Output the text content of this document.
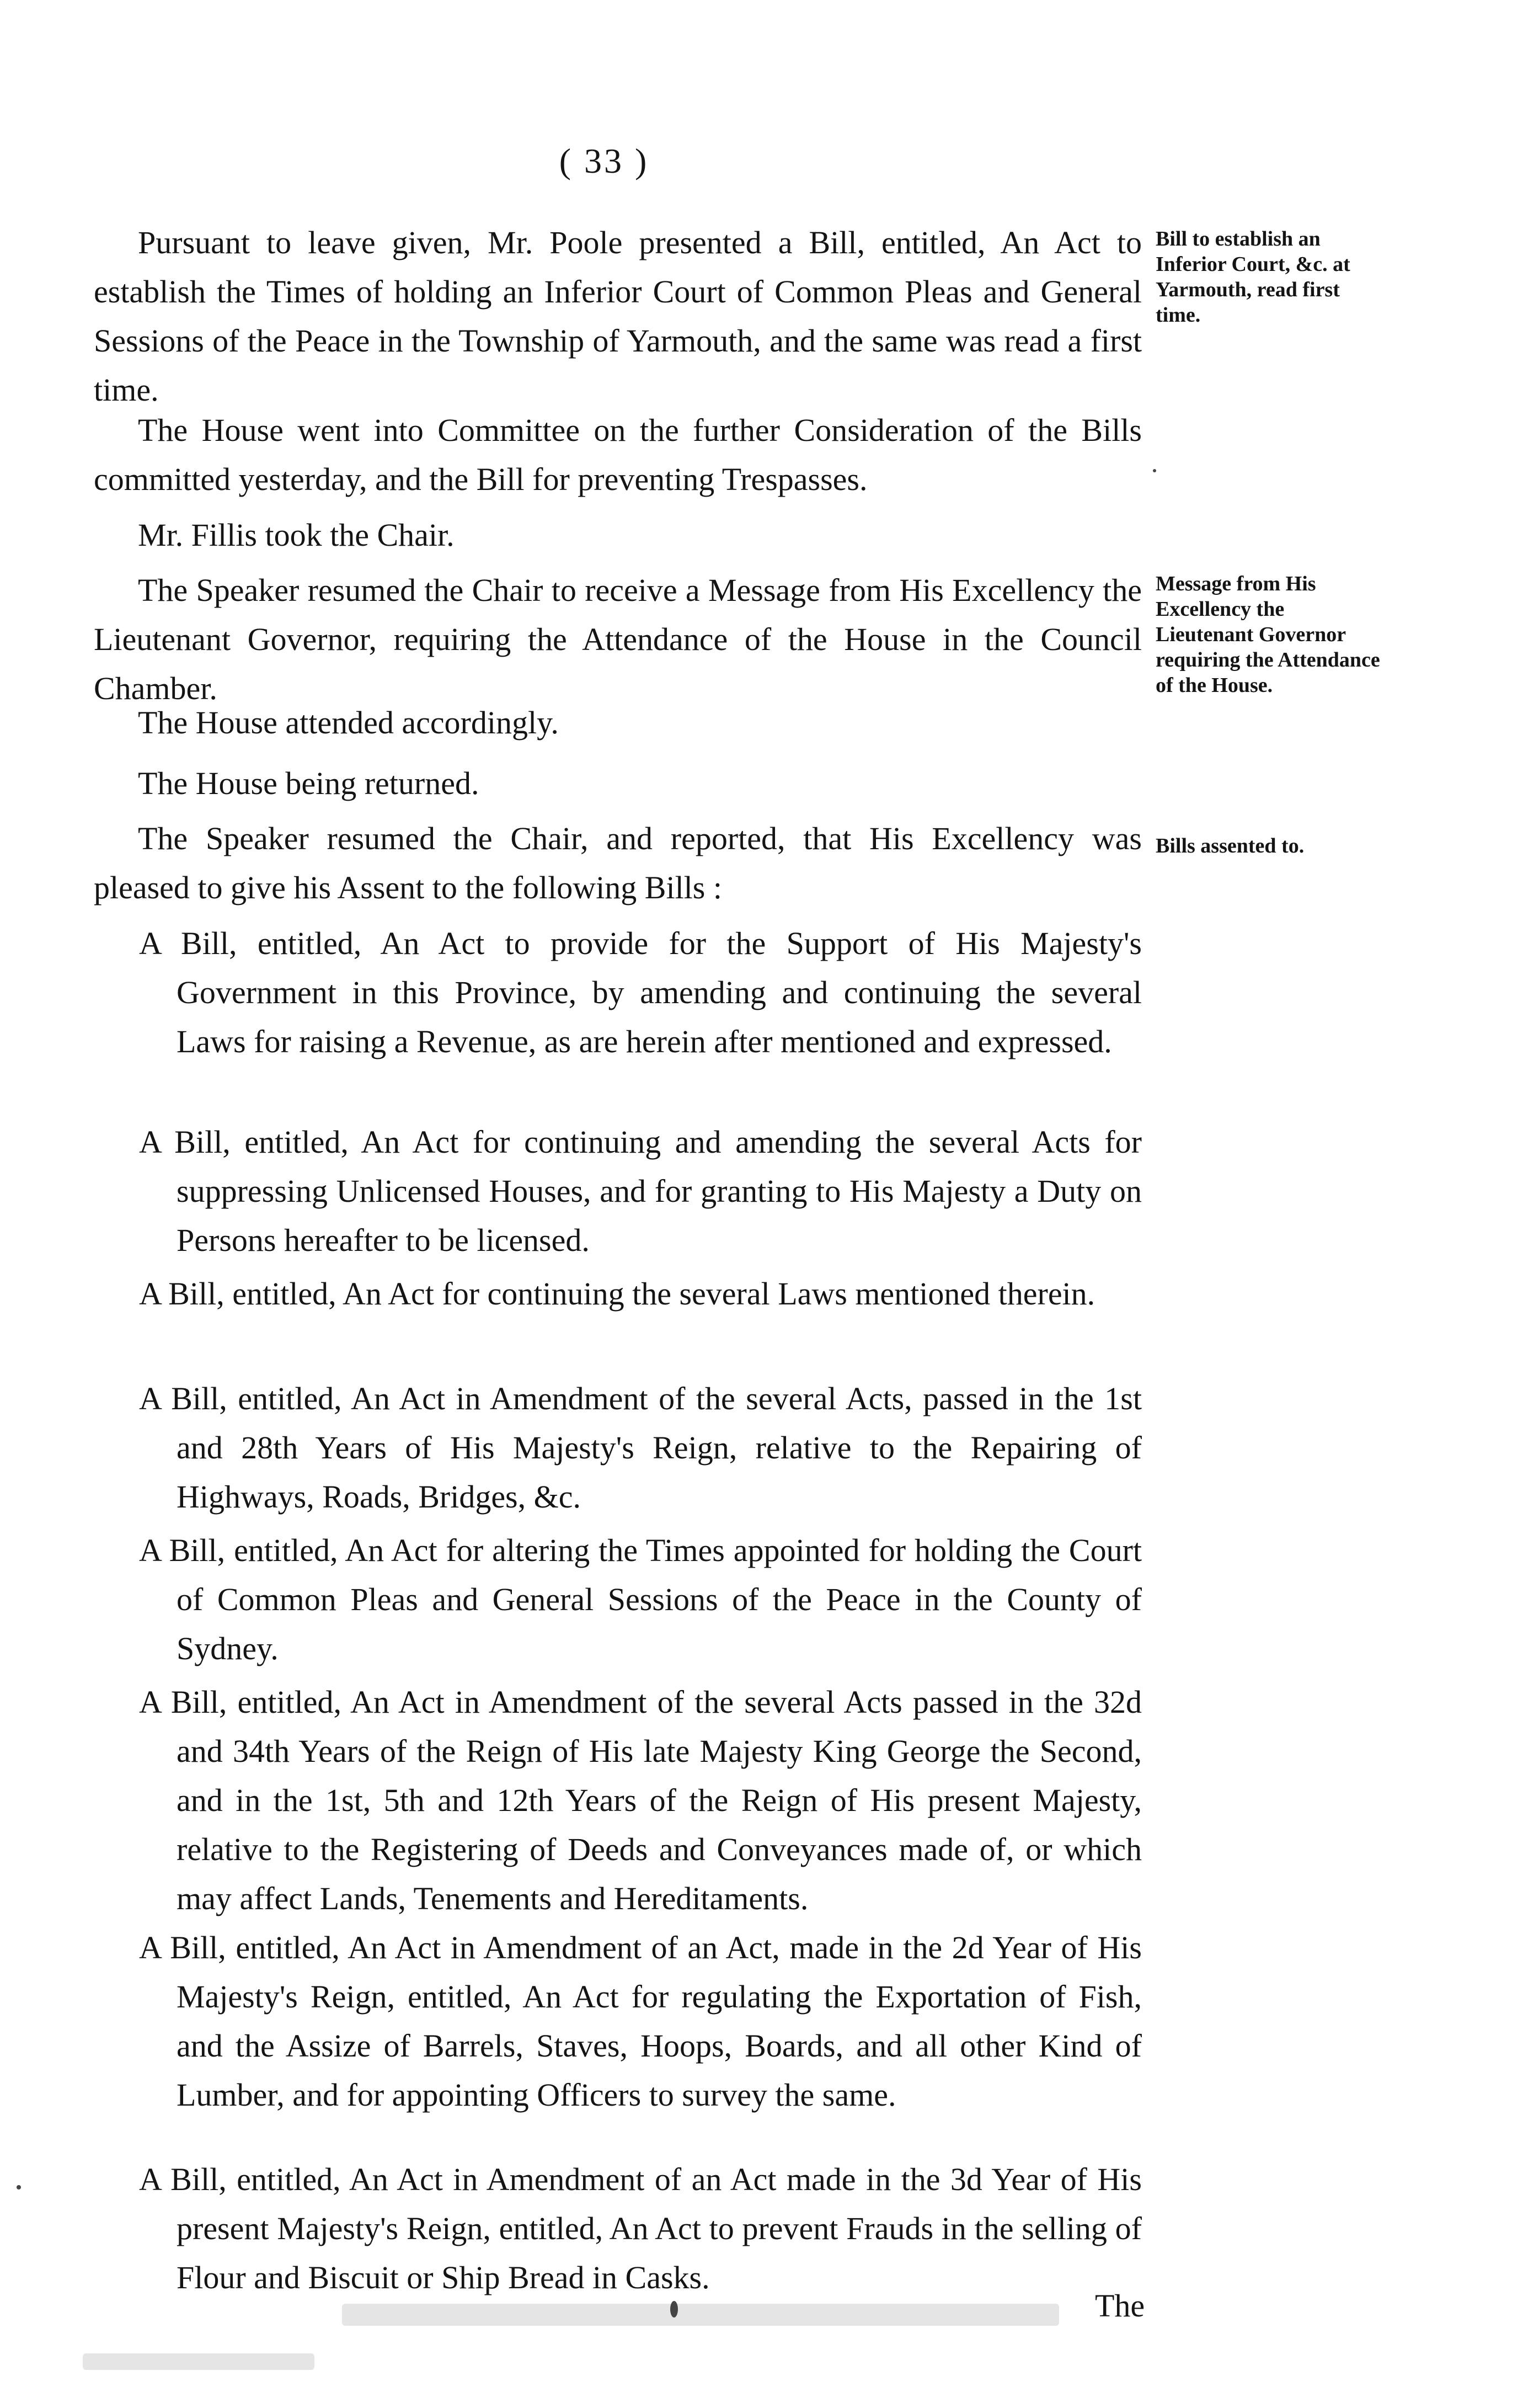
( 33 )

Pursuant to leave given, Mr. Poole presented a Bill, entitled, An Act to establish the Times of holding an Inferior Court of Common Pleas and General Sessions of the Peace in the Township of Yarmouth, and the same was read a first time.

Bill to establish an Inferior Court, &c. at Yarmouth, read first time.

The House went into Committee on the further Consideration of the Bills committed yesterday, and the Bill for preventing Trespasses.

Mr. Fillis took the Chair.

The Speaker resumed the Chair to receive a Message from His Excellency the Lieutenant Governor, requiring the Attendance of the House in the Council Chamber.

Message from His Excellency the Lieutenant Governor requiring the Attendance of the House.

The House attended accordingly.

The House being returned.

The Speaker resumed the Chair, and reported, that His Excellency was pleased to give his Assent to the following Bills :

Bills assented to.

A Bill, entitled, An Act to provide for the Support of His Majesty's Government in this Province, by amending and continuing the several Laws for raising a Revenue, as are herein after mentioned and expressed.

A Bill, entitled, An Act for continuing and amending the several Acts for suppressing Unlicensed Houses, and for granting to His Majesty a Duty on Persons hereafter to be licensed.

A Bill, entitled, An Act for continuing the several Laws mentioned therein.

A Bill, entitled, An Act in Amendment of the several Acts, passed in the 1st and 28th Years of His Majesty's Reign, relative to the Repairing of Highways, Roads, Bridges, &c.

A Bill, entitled, An Act for altering the Times appointed for holding the Court of Common Pleas and General Sessions of the Peace in the County of Sydney.

A Bill, entitled, An Act in Amendment of the several Acts passed in the 32d and 34th Years of the Reign of His late Majesty King George the Second, and in the 1st, 5th and 12th Years of the Reign of His present Majesty, relative to the Registering of Deeds and Conveyances made of, or which may affect Lands, Tenements and Hereditaments.

A Bill, entitled, An Act in Amendment of an Act, made in the 2d Year of His Majesty's Reign, entitled, An Act for regulating the Exportation of Fish, and the Assize of Barrels, Staves, Hoops, Boards, and all other Kind of Lumber, and for appointing Officers to survey the same.

A Bill, entitled, An Act in Amendment of an Act made in the 3d Year of His present Majesty's Reign, entitled, An Act to prevent Frauds in the selling of Flour and Biscuit or Ship Bread in Casks.

The
